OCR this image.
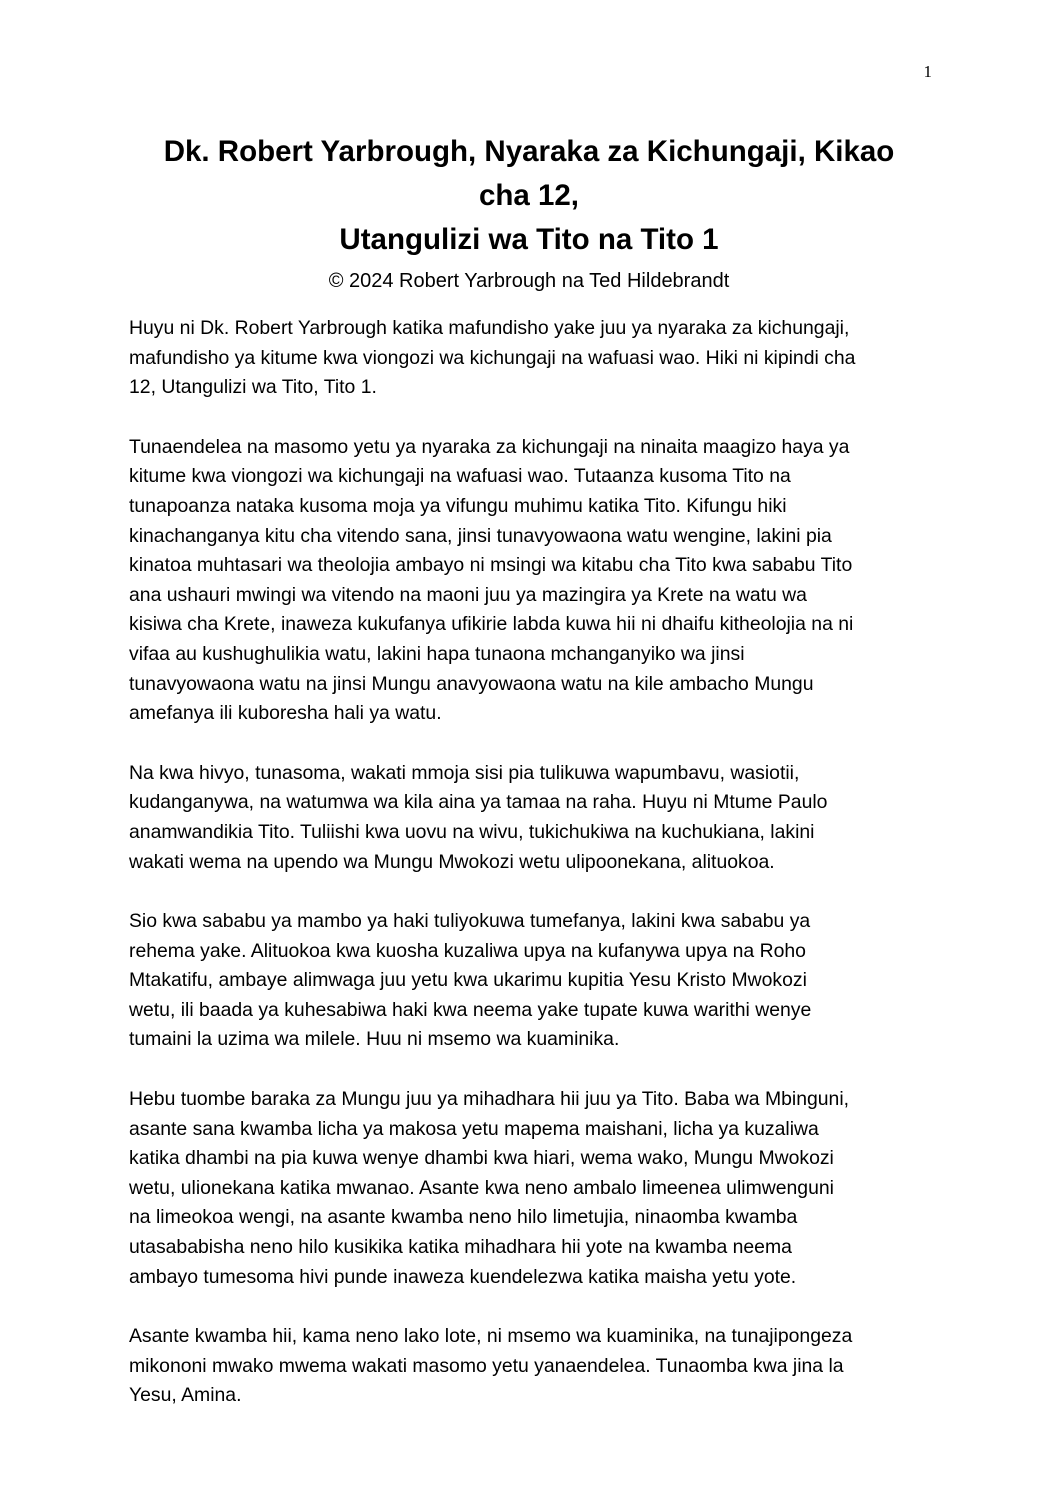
1
Dk. Robert Yarbrough, Nyaraka za Kichungaji, Kikao
cha 12,
Utangulizi wa Tito na Tito 1
© 2024 Robert Yarbrough na Ted Hildebrandt

Huyu ni Dk. Robert Yarbrough katika mafundisho yake juu ya nyaraka za kichungaji,
mafundisho ya kitume kwa viongozi wa kichungaji na wafuasi wao. Hiki ni kipindi cha
12, Utangulizi wa Tito, Tito 1.

Tunaendelea na masomo yetu ya nyaraka za kichungaji na ninaita maagizo haya ya
kitume kwa viongozi wa kichungaji na wafuasi wao. Tutaanza kusoma Tito na
tunapoanza nataka kusoma moja ya vifungu muhimu katika Tito. Kifungu hiki
kinachanganya kitu cha vitendo sana, jinsi tunavyowaona watu wengine, lakini pia
kinatoa muhtasari wa theolojia ambayo ni msingi wa kitabu cha Tito kwa sababu Tito
ana ushauri mwingi wa vitendo na maoni juu ya mazingira ya Krete na watu wa
kisiwa cha Krete, inaweza kukufanya ufikirie labda kuwa hii ni dhaifu kitheolojia na ni
vifaa au kushughulikia watu, lakini hapa tunaona mchanganyiko wa jinsi
tunavyowaona watu na jinsi Mungu anavyowaona watu na kile ambacho Mungu
amefanya ili kuboresha hali ya watu.

Na kwa hivyo, tunasoma, wakati mmoja sisi pia tulikuwa wapumbavu, wasiotii,
kudanganywa, na watumwa wa kila aina ya tamaa na raha. Huyu ni Mtume Paulo
anamwandikia Tito. Tuliishi kwa uovu na wivu, tukichukiwa na kuchukiana, lakini
wakati wema na upendo wa Mungu Mwokozi wetu ulipoonekana, alituokoa.

Sio kwa sababu ya mambo ya haki tuliyokuwa tumefanya, lakini kwa sababu ya
rehema yake. Alituokoa kwa kuosha kuzaliwa upya na kufanywa upya na Roho
Mtakatifu, ambaye alimwaga juu yetu kwa ukarimu kupitia Yesu Kristo Mwokozi
wetu, ili baada ya kuhesabiwa haki kwa neema yake tupate kuwa warithi wenye
tumaini la uzima wa milele. Huu ni msemo wa kuaminika.

Hebu tuombe baraka za Mungu juu ya mihadhara hii juu ya Tito. Baba wa Mbinguni,
asante sana kwamba licha ya makosa yetu mapema maishani, licha ya kuzaliwa
katika dhambi na pia kuwa wenye dhambi kwa hiari, wema wako, Mungu Mwokozi
wetu, ulionekana katika mwanao. Asante kwa neno ambalo limeenea ulimwenguni
na limeokoa wengi, na asante kwamba neno hilo limetujia, ninaomba kwamba
utasababisha neno hilo kusikika katika mihadhara hii yote na kwamba neema
ambayo tumesoma hivi punde inaweza kuendelezwa katika maisha yetu yote.

Asante kwamba hii, kama neno lako lote, ni msemo wa kuaminika, na tunajipongeza
mikononi mwako mwema wakati masomo yetu yanaendelea. Tunaomba kwa jina la
Yesu, Amina.
